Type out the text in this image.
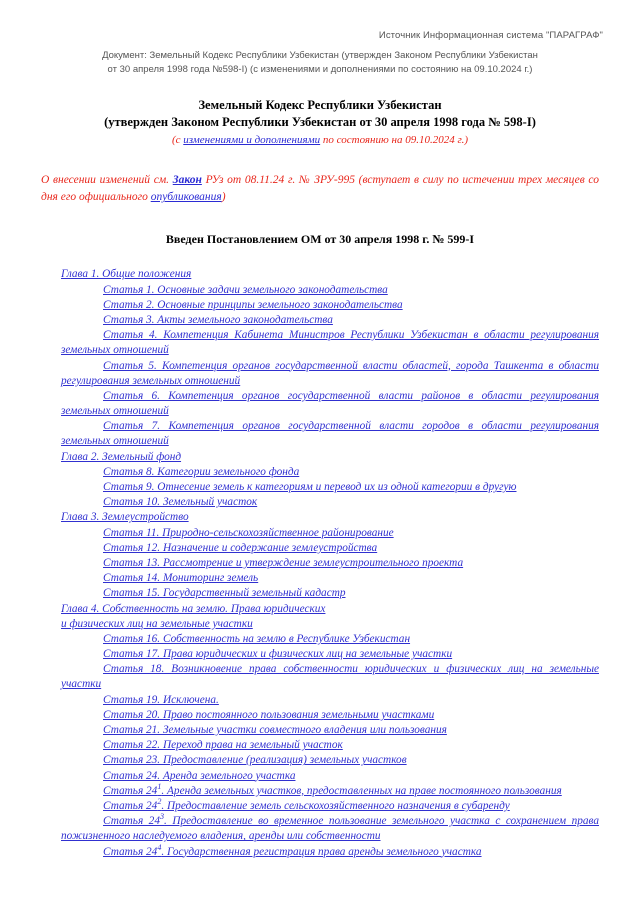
Источник Информационная система "ПАРАГРАФ"
Документ: Земельный Кодекс Республики Узбекистан (утвержден Законом Республики Узбекистан
от 30 апреля 1998 года №598-I) (с изменениями и дополнениями по состоянию на 09.10.2024 г.)
Земельный Кодекс Республики Узбекистан
(утвержден Законом Республики Узбекистан от 30 апреля 1998 года № 598-I)
(с изменениями и дополнениями по состоянию на 09.10.2024 г.)
О внесении изменений см. Закон РУз от 08.11.24 г. № ЗРУ-995 (вступает в силу по истечении трех месяцев со дня его официального опубликования)
Введен Постановлением ОМ от 30 апреля 1998 г. № 599-I
Глава 1. Общие положения
Статья 1. Основные задачи земельного законодательства
Статья 2. Основные принципы земельного законодательства
Статья 3. Акты земельного законодательства
Статья 4. Компетенция Кабинета Министров Республики Узбекистан в области регулирования земельных отношений
Статья 5. Компетенция органов государственной власти областей, города Ташкента в области регулирования земельных отношений
Статья 6. Компетенция органов государственной власти районов в области регулирования земельных отношений
Статья 7. Компетенция органов государственной власти городов в области регулирования земельных отношений
Глава 2. Земельный фонд
Статья 8. Категории земельного фонда
Статья 9. Отнесение земель к категориям и перевод их из одной категории в другую
Статья 10. Земельный участок
Глава 3. Землеустройство
Статья 11. Природно-сельскохозяйственное районирование
Статья 12. Назначение и содержание землеустройства
Статья 13. Рассмотрение и утверждение землеустроительного проекта
Статья 14. Мониторинг земель
Статья 15. Государственный земельный кадастр
Глава 4. Собственность на землю. Права юридических
и физических лиц на земельные участки
Статья 16. Собственность на землю в Республике Узбекистан
Статья 17. Права юридических и физических лиц на земельные участки
Статья 18. Возникновение права собственности юридических и физических лиц на земельные участки
Статья 19. Исключена.
Статья 20. Право постоянного пользования земельными участками
Статья 21. Земельные участки совместного владения или пользования
Статья 22. Переход права на земельный участок
Статья 23. Предоставление (реализация) земельных участков
Статья 24. Аренда земельного участка
Статья $24^1$. Аренда земельных участков, предоставленных на праве постоянного пользования
Статья $24^2$. Предоставление земель сельскохозяйственного назначения в субаренду
Статья $24^3$. Предоставление во временное пользование земельного участка с сохранением права пожизненного наследуемого владения, аренды или собственности
Статья $24^4$. Государственная регистрация права аренды земельного участка
